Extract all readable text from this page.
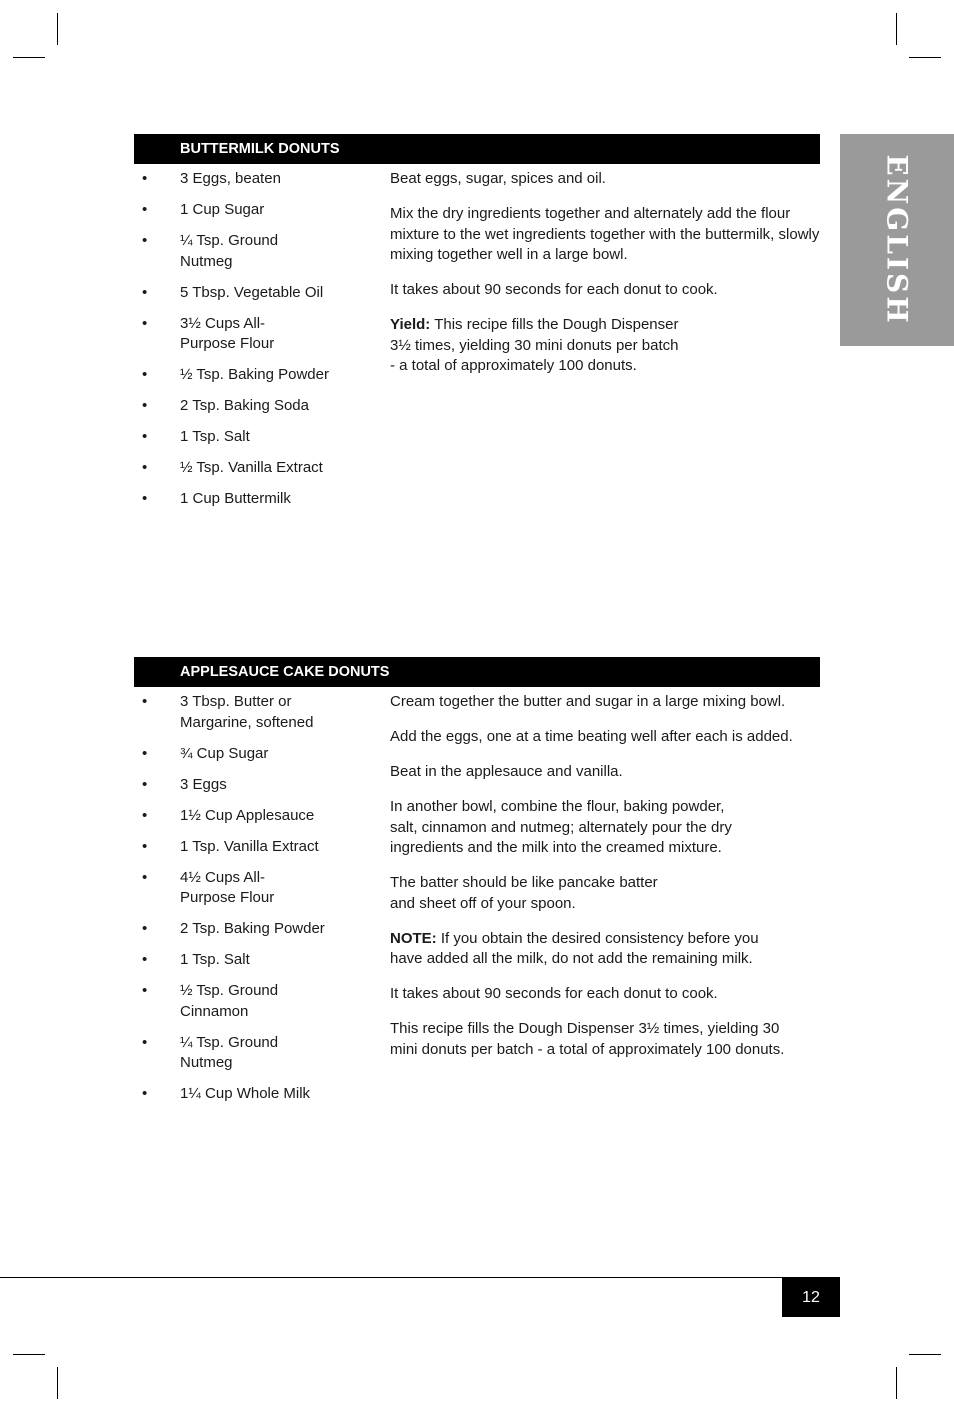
ENGLISH
BUTTERMILK DONUTS
• 3 Eggs, beaten
• 1 Cup Sugar
• ¼ Tsp. Ground
Nutmeg
• 5 Tbsp. Vegetable Oil
• 3½ Cups All-
Purpose Flour
• ½ Tsp. Baking Powder
• 2 Tsp. Baking Soda
• 1 Tsp. Salt
• ½ Tsp. Vanilla Extract
• 1 Cup Buttermilk

Beat eggs, sugar, spices and oil.

Mix the dry ingredients together and alternately add the flour mixture to the wet ingredients together with the buttermilk, slowly mixing together well in a large bowl.

It takes about 90 seconds for each donut to cook.

Yield: This recipe fills the Dough Dispenser
3½ times, yielding 30 mini donuts per batch
- a total of approximately 100 donuts.

APPLESAUCE CAKE DONUTS
• 3 Tbsp. Butter or
Margarine, softened
• ¾ Cup Sugar
• 3 Eggs
• 1½ Cup Applesauce
• 1 Tsp. Vanilla Extract
• 4½ Cups All-
Purpose Flour
• 2 Tsp. Baking Powder
• 1 Tsp. Salt
• ½ Tsp. Ground
Cinnamon
• ¼ Tsp. Ground
Nutmeg
• 1¼ Cup Whole Milk

Cream together the butter and sugar in a large mixing bowl.

Add the eggs, one at a time beating well after each is added.

Beat in the applesauce and vanilla.

In another bowl, combine the flour, baking powder,
salt, cinnamon and nutmeg; alternately pour the dry
ingredients and the milk into the creamed mixture.

The batter should be like pancake batter
and sheet off of your spoon.

NOTE: If you obtain the desired consistency before you
have added all the milk, do not add the remaining milk.

It takes about 90 seconds for each donut to cook.

This recipe fills the Dough Dispenser 3½ times, yielding 30
mini donuts per batch - a total of approximately 100 donuts.

12
